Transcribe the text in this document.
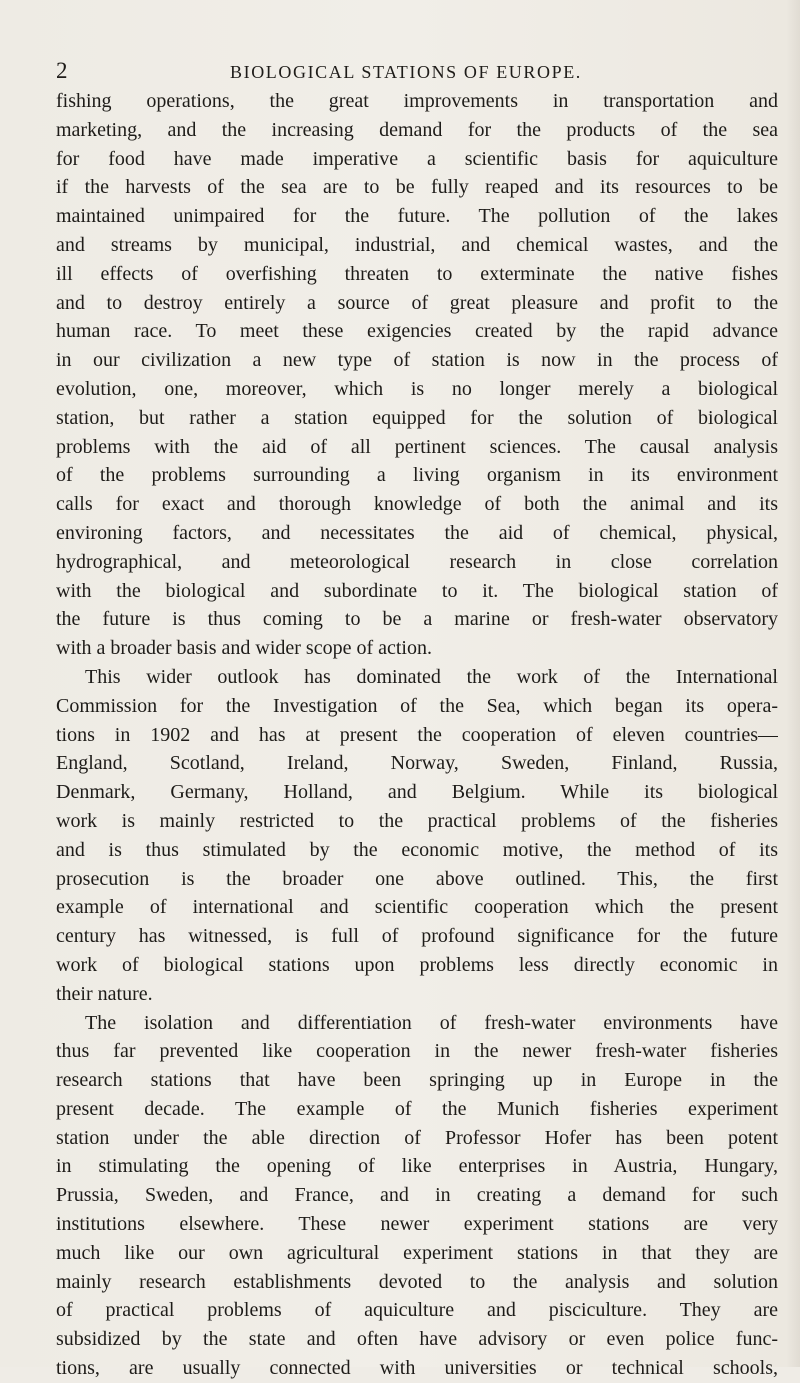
2	BIOLOGICAL STATIONS OF EUROPE.
fishing operations, the great improvements in transportation and
marketing, and the increasing demand for the products of the sea
for food have made imperative a scientific basis for aquiculture
if the harvests of the sea are to be fully reaped and its resources to be
maintained unimpaired for the future. The pollution of the lakes
and streams by municipal, industrial, and chemical wastes, and the
ill effects of overfishing threaten to exterminate the native fishes
and to destroy entirely a source of great pleasure and profit to the
human race. To meet these exigencies created by the rapid advance
in our civilization a new type of station is now in the process of
evolution, one, moreover, which is no longer merely a biological
station, but rather a station equipped for the solution of biological
problems with the aid of all pertinent sciences. The causal analysis
of the problems surrounding a living organism in its environment
calls for exact and thorough knowledge of both the animal and its
environing factors, and necessitates the aid of chemical, physical,
hydrographical, and meteorological research in close correlation
with the biological and subordinate to it. The biological station of
the future is thus coming to be a marine or fresh-water observatory
with a broader basis and wider scope of action.
This wider outlook has dominated the work of the International
Commission for the Investigation of the Sea, which began its opera-
tions in 1902 and has at present the cooperation of eleven countries—
England, Scotland, Ireland, Norway, Sweden, Finland, Russia,
Denmark, Germany, Holland, and Belgium. While its biological
work is mainly restricted to the practical problems of the fisheries
and is thus stimulated by the economic motive, the method of its
prosecution is the broader one above outlined. This, the first
example of international and scientific cooperation which the present
century has witnessed, is full of profound significance for the future
work of biological stations upon problems less directly economic in
their nature.
The isolation and differentiation of fresh-water environments have
thus far prevented like cooperation in the newer fresh-water fisheries
research stations that have been springing up in Europe in the
present decade. The example of the Munich fisheries experiment
station under the able direction of Professor Hofer has been potent
in stimulating the opening of like enterprises in Austria, Hungary,
Prussia, Sweden, and France, and in creating a demand for such
institutions elsewhere. These newer experiment stations are very
much like our own agricultural experiment stations in that they are
mainly research establishments devoted to the analysis and solution
of practical problems of aquiculture and pisciculture. They are
subsidized by the state and often have advisory or even police func-
tions, are usually connected with universities or technical schools,
